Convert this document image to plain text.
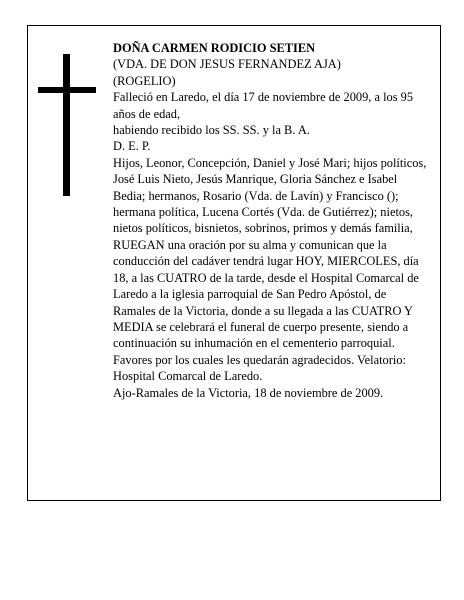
DOÑA CARMEN RODICIO SETIEN

(VDA. DE DON JESUS FERNANDEZ AJA)

(ROGELIO)

Falleció en Laredo, el día 17 de noviembre de 2009, a los 95 años de edad,

habiendo recibido los SS. SS. y la B. A.

D. E. P.

Hijos, Leonor, Concepción, Daniel y José Mari; hijos políticos, José Luis Nieto, Jesús Manrique, Gloria Sánchez e Isabel Bedia; hermanos, Rosario (Vda. de Lavín) y Francisco (); hermana política, Lucena Cortés (Vda. de Gutiérrez); nietos, nietos políticos, bisnietos, sobrinos, primos y demás familia,

RUEGAN una oración por su alma y comunican que la conducción del cadáver tendrá lugar HOY, MIERCOLES, día 18, a las CUATRO de la tarde, desde el Hospital Comarcal de Laredo a la iglesia parroquial de San Pedro Apóstol, de Ramales de la Victoria, donde a su llegada a las CUATRO Y MEDIA se celebrará el funeral de cuerpo presente, siendo a continuación su inhumación en el cementerio parroquial. Favores por los cuales les quedarán agradecidos. Velatorio: Hospital Comarcal de Laredo.

Ajo-Ramales de la Victoria, 18 de noviembre de 2009.
